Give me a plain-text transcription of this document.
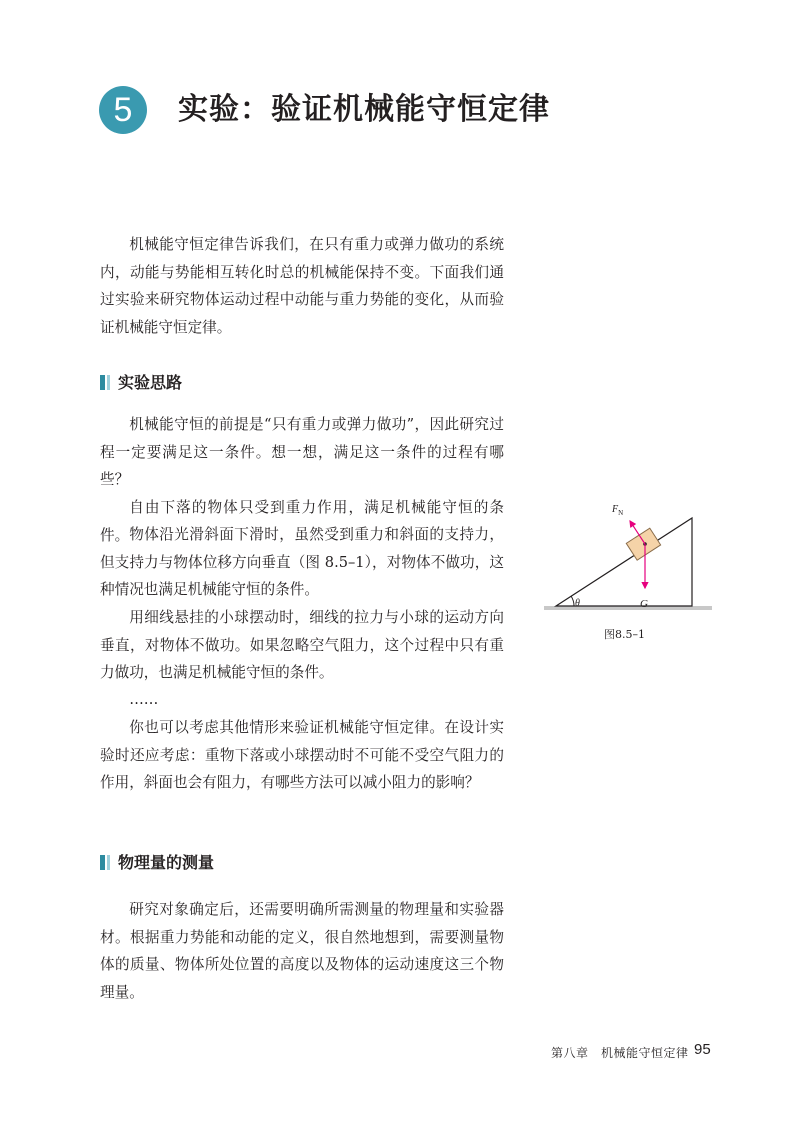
5	实验：验证机械能守恒定律

机械能守恒定律告诉我们，在只有重力或弹力做功的系统内，动能与势能相互转化时总的机械能保持不变。下面我们通过实验来研究物体运动过程中动能与重力势能的变化，从而验证机械能守恒定律。

实验思路

机械能守恒的前提是“只有重力或弹力做功”，因此研究过程一定要满足这一条件。想一想，满足这一条件的过程有哪些？

自由下落的物体只受到重力作用，满足机械能守恒的条件。 物体沿光滑斜面下滑时，虽然受到重力和斜面的支持力，但支持力与物体位移方向垂直（图 8.5–1），对物体不做功，这种情况也满足机械能守恒的条件。

用细线悬挂的小球摆动时，细线的拉力与小球的运动方向垂直，对物体不做功。如果忽略空气阻力，这个过程中只有重力做功，也满足机械能守恒的条件。

……

你也可以考虑其他情形来验证机械能守恒定律。在设计实验时还应考虑：重物下落或小球摆动时不可能不受空气阻力的作用，斜面也会有阻力，有哪些方法可以减小阻力的影响？

物理量的测量

研究对象确定后，还需要明确所需测量的物理量和实验器材。根据重力势能和动能的定义，很自然地想到，需要测量物体的质量、物体所处位置的高度以及物体的运动速度这三个物理量。

$F_N$
G
θ
图8.5–1
第八章　机械能守恒定律 95
